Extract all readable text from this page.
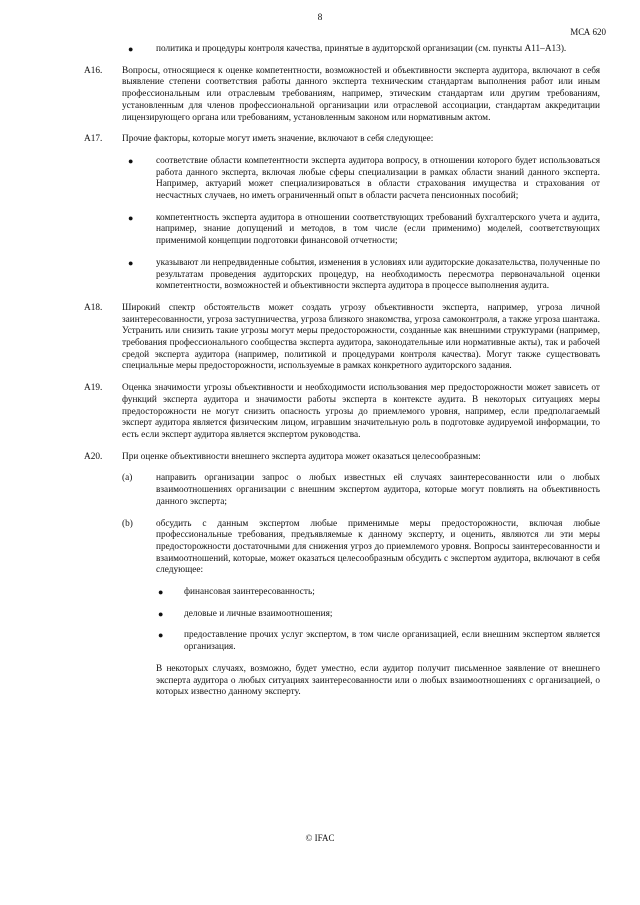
8
МСА 620
● политика и процедуры контроля качества, принятые в аудиторской организации (см. пункты A11–A13).
A16. Вопросы, относящиеся к оценке компетентности, возможностей и объективности эксперта аудитора, включают в себя выявление степени соответствия работы данного эксперта техническим стандартам выполнения работ или иным профессиональным или отраслевым требованиям, например, этическим стандартам или другим требованиям, установленным для членов профессиональной организации или отраслевой ассоциации, стандартам аккредитации лицензирующего органа или требованиям, установленным законом или нормативным актом.
A17. Прочие факторы, которые могут иметь значение, включают в себя следующее:
● соответствие области компетентности эксперта аудитора вопросу, в отношении которого будет использоваться работа данного эксперта, включая любые сферы специализации в рамках области знаний данного эксперта. Например, актуарий может специализироваться в области страхования имущества и страхования от несчастных случаев, но иметь ограниченный опыт в области расчета пенсионных пособий;
● компетентность эксперта аудитора в отношении соответствующих требований бухгалтерского учета и аудита, например, знание допущений и методов, в том числе (если применимо) моделей, соответствующих применимой концепции подготовки финансовой отчетности;
● указывают ли непредвиденные события, изменения в условиях или аудиторские доказательства, полученные по результатам проведения аудиторских процедур, на необходимость пересмотра первоначальной оценки компетентности, возможностей и объективности эксперта аудитора в процессе выполнения аудита.
A18. Широкий спектр обстоятельств может создать угрозу объективности эксперта, например, угроза личной заинтересованности, угроза заступничества, угроза близкого знакомства, угроза самоконтроля, а также угроза шантажа. Устранить или снизить такие угрозы могут меры предосторожности, созданные как внешними структурами (например, требования профессионального сообщества эксперта аудитора, законодательные или нормативные акты), так и рабочей средой эксперта аудитора (например, политикой и процедурами контроля качества). Могут также существовать специальные меры предосторожности, используемые в рамках конкретного аудиторского задания.
A19. Оценка значимости угрозы объективности и необходимости использования мер предосторожности может зависеть от функций эксперта аудитора и значимости работы эксперта в контексте аудита. В некоторых ситуациях меры предосторожности не могут снизить опасность угрозы до приемлемого уровня, например, если предполагаемый эксперт аудитора является физическим лицом, игравшим значительную роль в подготовке аудируемой информации, то есть если эксперт аудитора является экспертом руководства.
A20. При оценке объективности внешнего эксперта аудитора может оказаться целесообразным:
(a)	направить организации запрос о любых известных ей случаях заинтересованности или о любых взаимоотношениях организации с внешним экспертом аудитора, которые могут повлиять на объективность данного эксперта;
(b) обсудить с данным экспертом любые применимые меры предосторожности, включая любые профессиональные требования, предъявляемые к данному эксперту, и оценить, являются ли эти меры предосторожности достаточными для снижения угроз до приемлемого уровня. Вопросы заинтересованности и взаимоотношений, которые, может оказаться целесообразным обсудить с экспертом аудитора, включают в себя следующее:
● финансовая заинтересованность;
● деловые и личные взаимоотношения;
● предоставление прочих услуг экспертом, в том числе организацией, если внешним экспертом является организация.
В некоторых случаях, возможно, будет уместно, если аудитор получит письменное заявление от внешнего эксперта аудитора о любых ситуациях заинтересованности или о любых взаимоотношениях с организацией, о которых известно данному эксперту.
© IFAC
